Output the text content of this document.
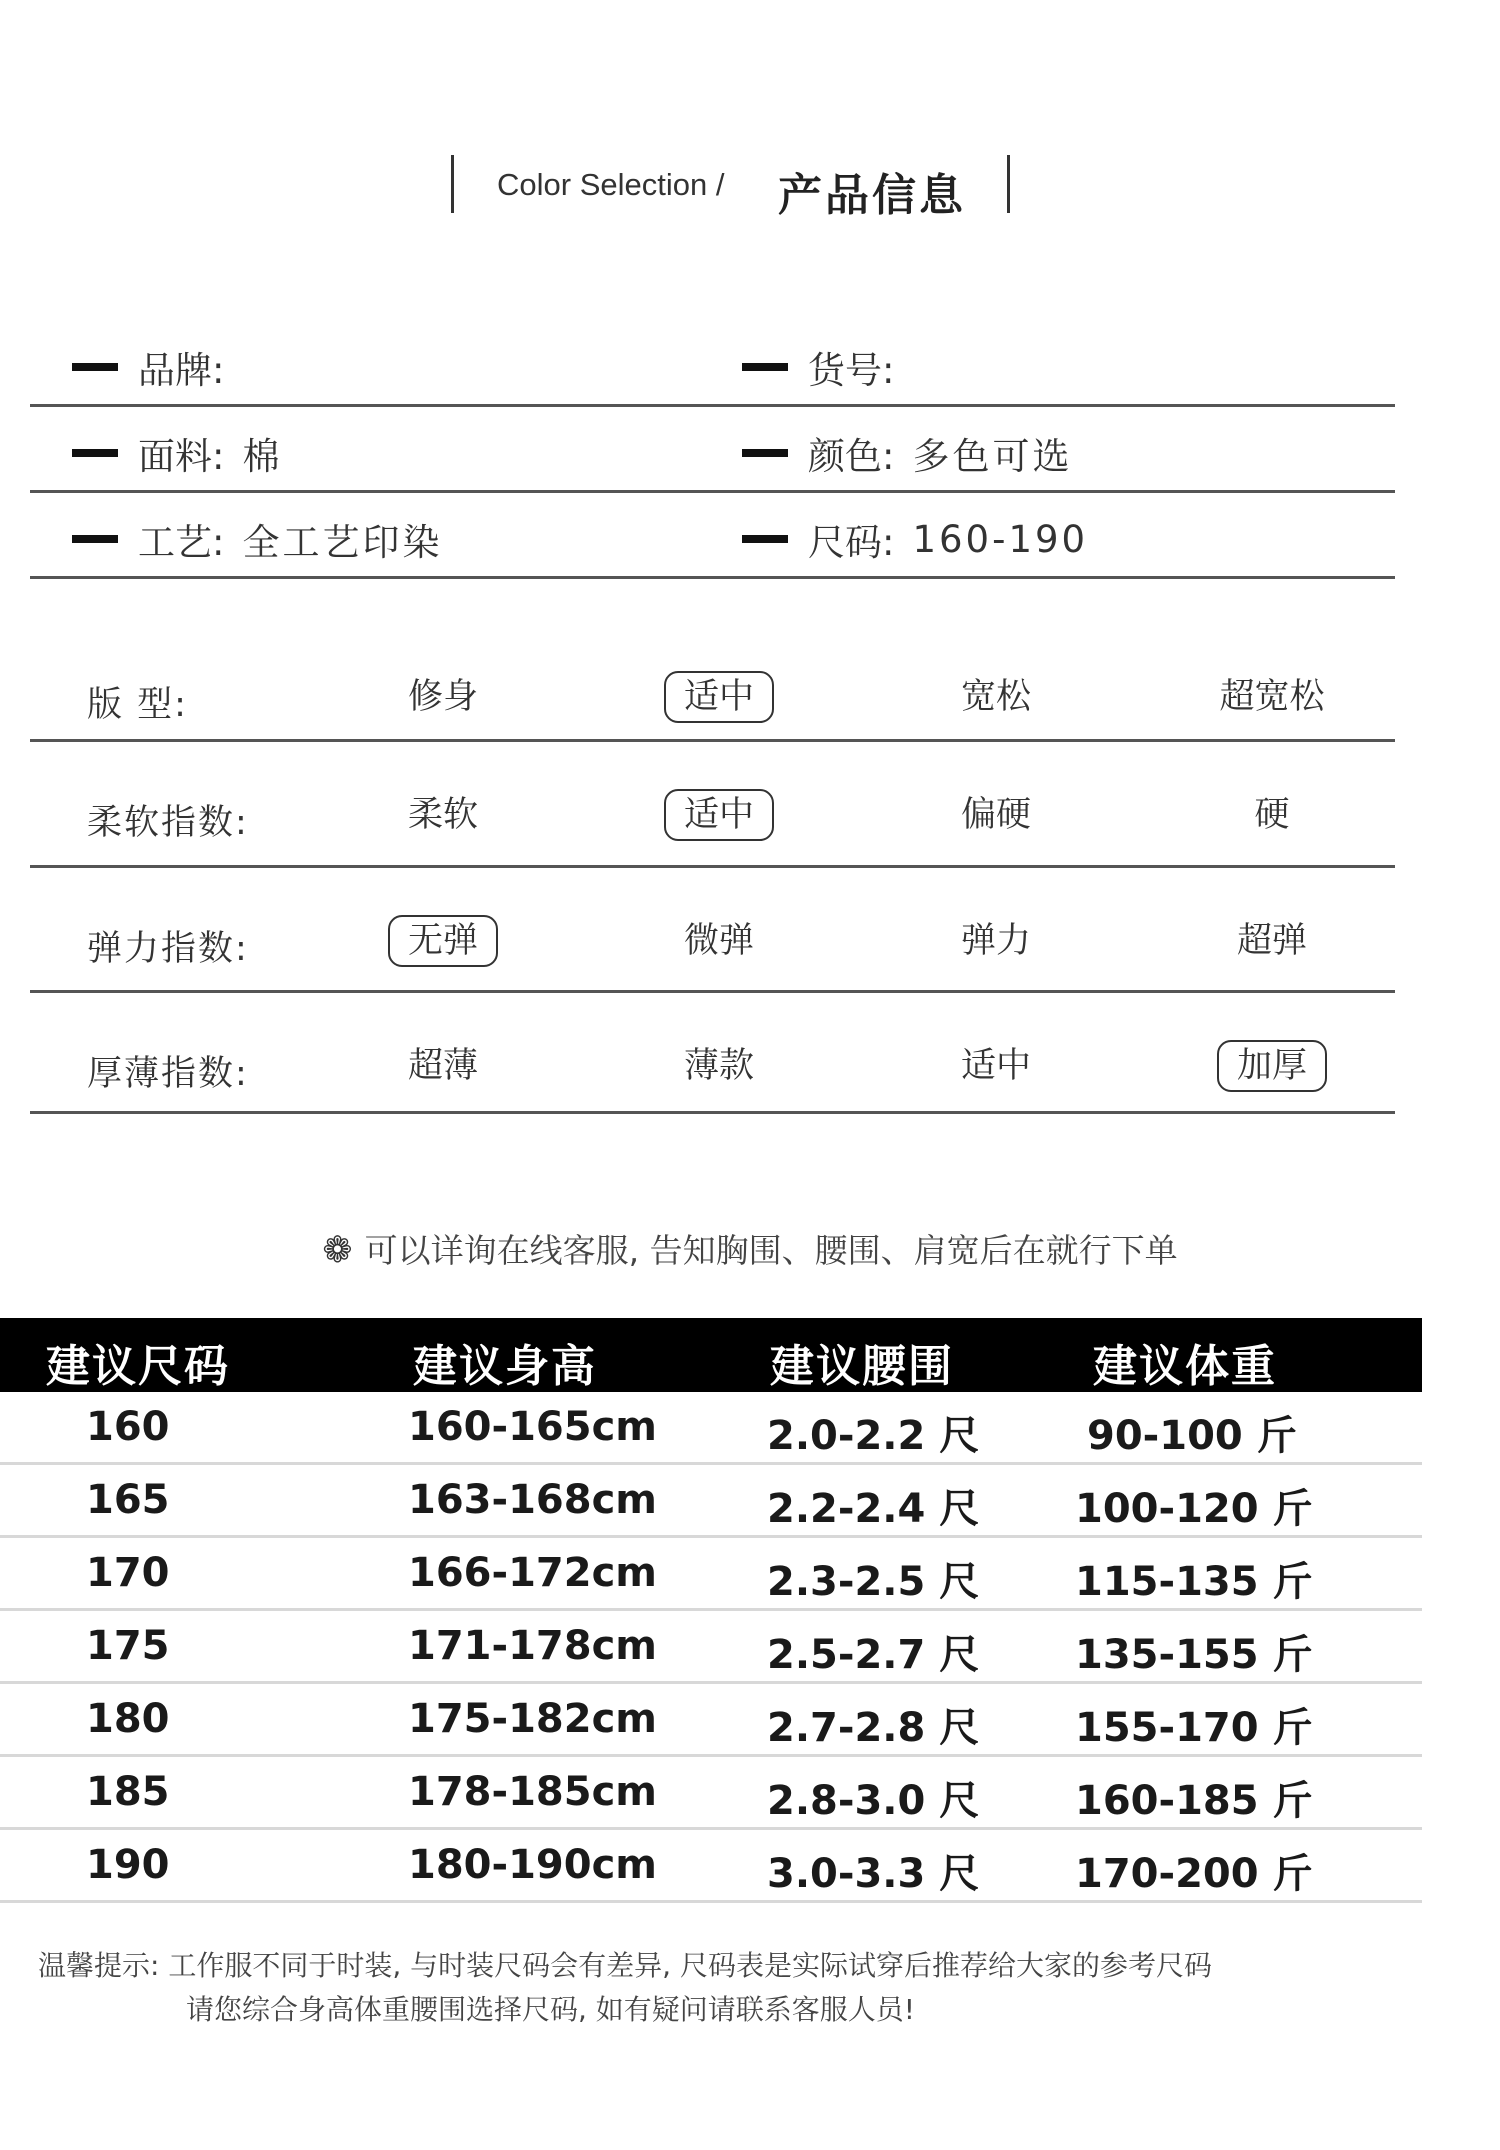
Color Selection / 产品信息
品牌:	货号:
面料: 棉	颜色: 多色可选
工艺: 全工艺印染	尺码: 160-190
版 型:	修身	适中	宽松	超宽松
柔软指数:	柔软	适中	偏硬	硬
弹力指数:	无弹	微弹	弹力	超弹
厚薄指数:	超薄	薄款	适中	加厚
❁ 可以详询在线客服, 告知胸围、腰围、肩宽后在就行下单
建议尺码	建议身高	建议腰围	建议体重
160	160-165cm	2.0-2.2 尺	90-100 斤
165	163-168cm	2.2-2.4 尺 100-120 斤
170	166-172cm	2.3-2.5 尺 115-135 斤
175	171-178cm	2.5-2.7 尺 135-155 斤
180	175-182cm	2.7-2.8 尺 155-170 斤
185	178-185cm	2.8-3.0 尺 160-185 斤
190	180-190cm	3.0-3.3 尺 170-200 斤
温馨提示: 工作服不同于时装, 与时装尺码会有差异, 尺码表是实际试穿后推荐给大家的参考尺码
请您综合身高体重腰围选择尺码, 如有疑问请联系客服人员!
